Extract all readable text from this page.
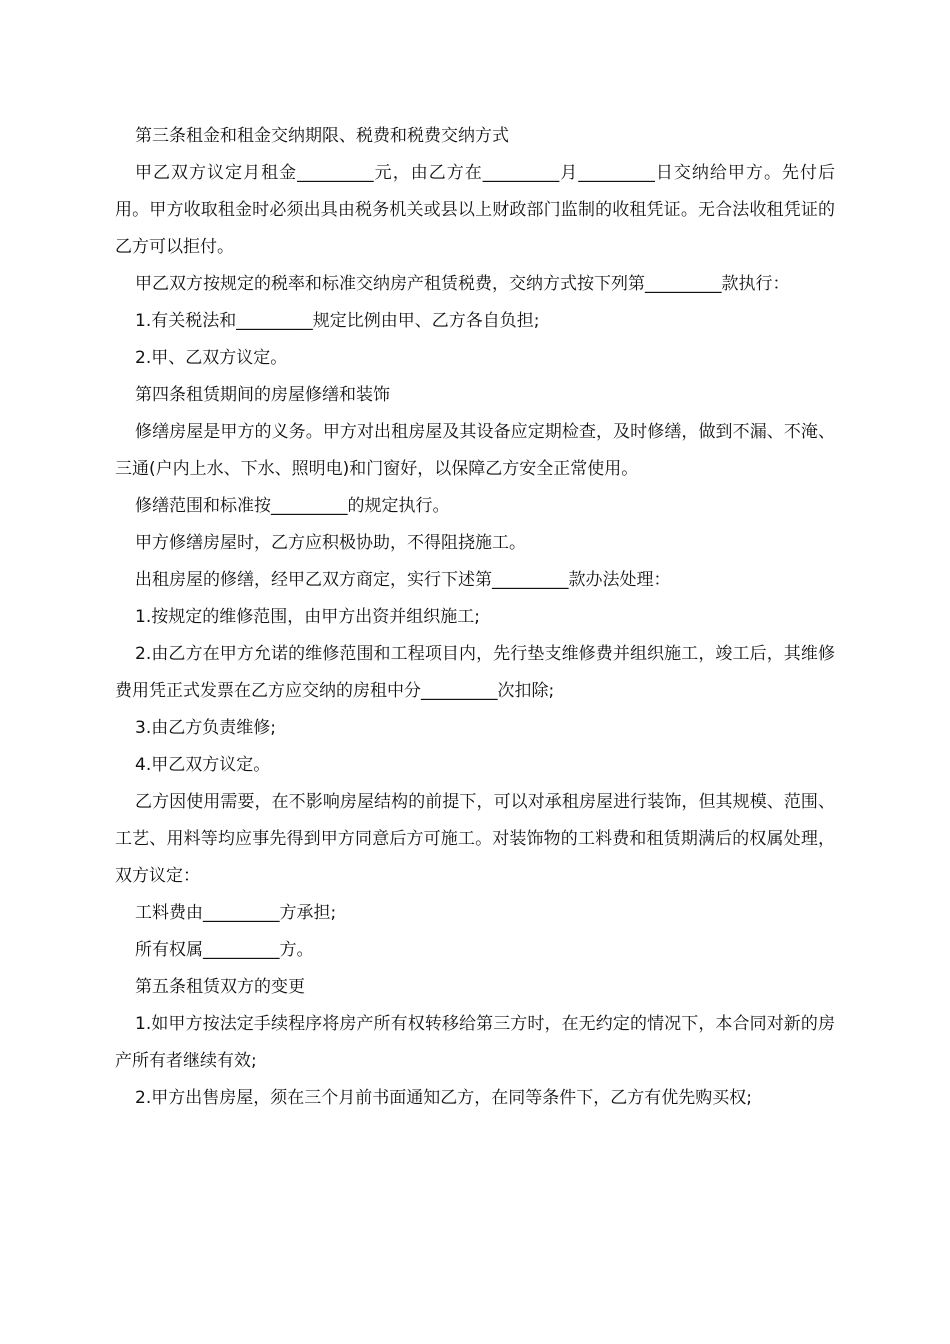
第三条租金和租金交纳期限、税费和税费交纳方式

甲乙双方议定月租金_________元，由乙方在_________月_________日交纳给甲方。先付后用。甲方收取租金时必须出具由税务机关或县以上财政部门监制的收租凭证。无合法收租凭证的乙方可以拒付。

甲乙双方按规定的税率和标准交纳房产租赁税费，交纳方式按下列第_________款执行：

1.有关税法和_________规定比例由甲、乙方各自负担;

2.甲、乙双方议定。

第四条租赁期间的房屋修缮和装饰

修缮房屋是甲方的义务。甲方对出租房屋及其设备应定期检查，及时修缮，做到不漏、不淹、三通(户内上水、下水、照明电)和门窗好，以保障乙方安全正常使用。

修缮范围和标准按_________的规定执行。

甲方修缮房屋时，乙方应积极协助，不得阻挠施工。

出租房屋的修缮，经甲乙双方商定，实行下述第_________款办法处理：

1.按规定的维修范围，由甲方出资并组织施工;

2.由乙方在甲方允诺的维修范围和工程项目内，先行垫支维修费并组织施工，竣工后，其维修费用凭正式发票在乙方应交纳的房租中分_________次扣除;

3.由乙方负责维修;

4.甲乙双方议定。

乙方因使用需要，在不影响房屋结构的前提下，可以对承租房屋进行装饰，但其规模、范围、工艺、用料等均应事先得到甲方同意后方可施工。对装饰物的工料费和租赁期满后的权属处理，双方议定：

工料费由_________方承担;

所有权属_________方。

第五条租赁双方的变更

1.如甲方按法定手续程序将房产所有权转移给第三方时，在无约定的情况下，本合同对新的房产所有者继续有效;

2.甲方出售房屋，须在三个月前书面通知乙方，在同等条件下，乙方有优先购买权;
